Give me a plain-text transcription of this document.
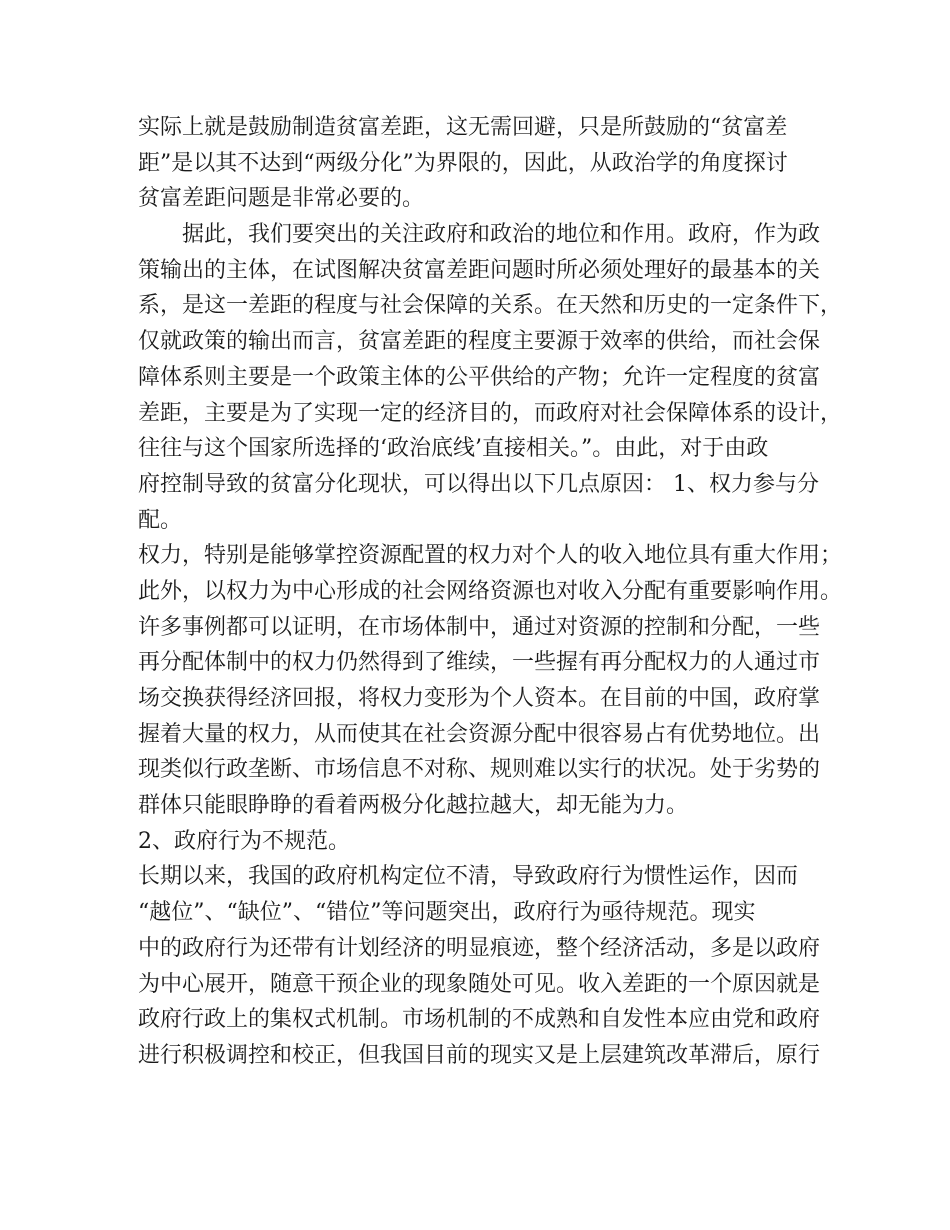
实际上就是鼓励制造贫富差距，这无需回避，只是所鼓励的“贫富差
距”是以其不达到“两级分化”为界限的，因此，从政治学的角度探讨
贫富差距问题是非常必要的。
　　据此，我们要突出的关注政府和政治的地位和作用。政府，作为政
策输出的主体，在试图解决贫富差距问题时所必须处理好的最基本的关
系，是这一差距的程度与社会保障的关系。在天然和历史的一定条件下，
仅就政策的输出而言，贫富差距的程度主要源于效率的供给，而社会保
障体系则主要是一个政策主体的公平供给的产物；允许一定程度的贫富
差距，主要是为了实现一定的经济目的，而政府对社会保障体系的设计，
往往与这个国家所选择的‘政治底线’直接相关。”。由此，对于由政
府控制导致的贫富分化现状，可以得出以下几点原因： 1、权力参与分
配。
权力，特别是能够掌控资源配置的权力对个人的收入地位具有重大作用；
此外，以权力为中心形成的社会网络资源也对收入分配有重要影响作用。
许多事例都可以证明，在市场体制中，通过对资源的控制和分配，一些
再分配体制中的权力仍然得到了维续，一些握有再分配权力的人通过市
场交换获得经济回报，将权力变形为个人资本。在目前的中国，政府掌
握着大量的权力，从而使其在社会资源分配中很容易占有优势地位。出
现类似行政垄断、市场信息不对称、规则难以实行的状况。处于劣势的
群体只能眼睁睁的看着两极分化越拉越大，却无能为力。
2、政府行为不规范。
长期以来，我国的政府机构定位不清，导致政府行为惯性运作，因而
“越位”、“缺位”、“错位”等问题突出，政府行为亟待规范。现实
中的政府行为还带有计划经济的明显痕迹，整个经济活动，多是以政府
为中心展开，随意干预企业的现象随处可见。收入差距的一个原因就是
政府行政上的集权式机制。市场机制的不成熟和自发性本应由党和政府
进行积极调控和校正，但我国目前的现实又是上层建筑改革滞后，原行
